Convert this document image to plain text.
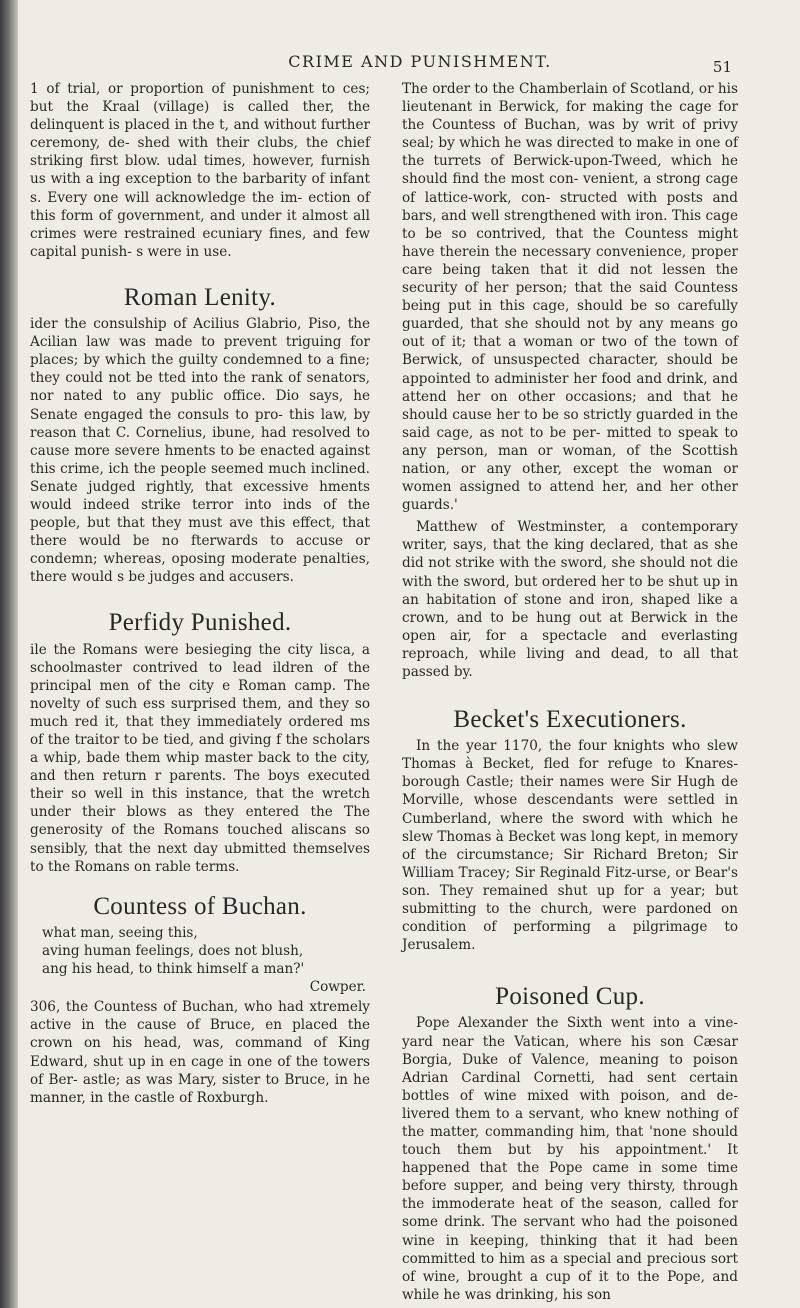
CRIME AND PUNISHMENT.	51

1 of trial, or proportion of punishment to ces; but the Kraal (village) is called ther, the delinquent is placed in the t, and without further ceremony, de- shed with their clubs, the chief striking first blow. udal times, however, furnish us with a ing exception to the barbarity of infant s. Every one will acknowledge the im- ection of this form of government, and under it almost all crimes were restrained ecuniary fines, and few capital punish- s were in use.

Roman Lenity.

ider the consulship of Acilius Glabrio, Piso, the Acilian law was made to prevent triguing for places; by which the guilty condemned to a fine; they could not be tted into the rank of senators, nor nated to any public office. Dio says, he Senate engaged the consuls to pro- this law, by reason that C. Cornelius, ibune, had resolved to cause more severe hments to be enacted against this crime, ich the people seemed much inclined. Senate judged rightly, that excessive hments would indeed strike terror into inds of the people, but that they must ave this effect, that there would be no fterwards to accuse or condemn; whereas, oposing moderate penalties, there would s be judges and accusers.

Perfidy Punished.

ile the Romans were besieging the city lisca, a schoolmaster contrived to lead ildren of the principal men of the city e Roman camp. The novelty of such ess surprised them, and they so much red it, that they immediately ordered ms of the traitor to be tied, and giving f the scholars a whip, bade them whip master back to the city, and then return r parents. The boys executed their so well in this instance, that the wretch under their blows as they entered the The generosity of the Romans touched aliscans so sensibly, that the next day ubmitted themselves to the Romans on rable terms.

Countess of Buchan.
what man, seeing this,
aving human feelings, does not blush,
ang his head, to think himself a man?'
Cowper.

306, the Countess of Buchan, who had xtremely active in the cause of Bruce, en placed the crown on his head, was, command of King Edward, shut up in en cage in one of the towers of Ber- astle; as was Mary, sister to Bruce, in he manner, in the castle of Roxburgh.

The order to the Chamberlain of Scotland, or his lieutenant in Berwick, for making the cage for the Countess of Buchan, was by writ of privy seal; by which he was directed to make in one of the turrets of Berwick-upon-Tweed, which he should find the most con- venient, a strong cage of lattice-work, con- structed with posts and bars, and well strengthened with iron. This cage to be so contrived, that the Countess might have therein the necessary convenience, proper care being taken that it did not lessen the security of her person; that the said Countess being put in this cage, should be so carefully guarded, that she should not by any means go out of it; that a woman or two of the town of Berwick, of unsuspected character, should be appointed to administer her food and drink, and attend her on other occasions; and that he should cause her to be so strictly guarded in the said cage, as not to be per- mitted to speak to any person, man or woman, of the Scottish nation, or any other, except the woman or women assigned to attend her, and her other guards.'

Matthew of Westminster, a contemporary writer, says, that the king declared, that as she did not strike with the sword, she should not die with the sword, but ordered her to be shut up in an habitation of stone and iron, shaped like a crown, and to be hung out at Berwick in the open air, for a spectacle and everlasting reproach, while living and dead, to all that passed by.

Becket's Executioners.

In the year 1170, the four knights who slew Thomas à Becket, fled for refuge to Knares- borough Castle; their names were Sir Hugh de Morville, whose descendants were settled in Cumberland, where the sword with which he slew Thomas à Becket was long kept, in memory of the circumstance; Sir Richard Breton; Sir William Tracey; Sir Reginald Fitz-urse, or Bear's son. They remained shut up for a year; but submitting to the church, were pardoned on condition of performing a pilgrimage to Jerusalem.

Poisoned Cup.

Pope Alexander the Sixth went into a vine- yard near the Vatican, where his son Cæsar Borgia, Duke of Valence, meaning to poison Adrian Cardinal Cornetti, had sent certain bottles of wine mixed with poison, and de- livered them to a servant, who knew nothing of the matter, commanding him, that 'none should touch them but by his appointment.' It happened that the Pope came in some time before supper, and being very thirsty, through the immoderate heat of the season, called for some drink. The servant who had the poisoned wine in keeping, thinking that it had been committed to him as a special and precious sort of wine, brought a cup of it to the Pope, and while he was drinking, his son
